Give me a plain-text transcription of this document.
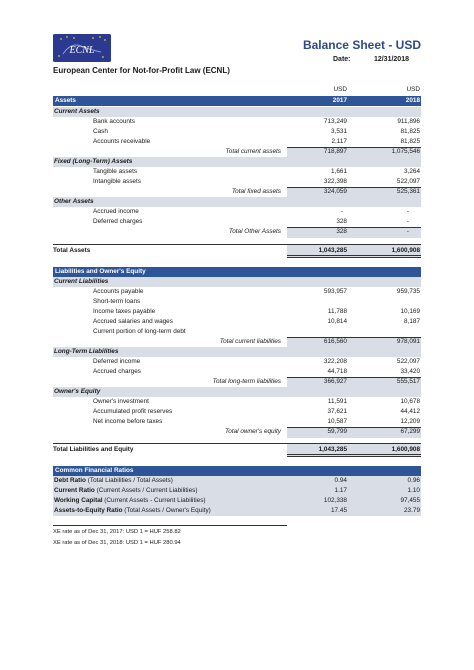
ECNL	Balance Sheet - USD
Date:	12/31/2018
European Center for Not-for-Profit Law (ECNL)
USD	USD
Assets	2017	2018
Current Assets
Bank accounts	713,249	911,896
Cash	3,531	81,825
Accounts receivable	2,117	81,825
Total current assets	718,897	1,075,546
Fixed (Long-Term) Assets
Tangible assets	1,661	3,264
Intangible assets	322,398	522,097
Total fixed assets	324,059	525,361
Other Assets
Accrued income	-	-
Deferred charges	328	-
Total Other Assets	328	-
Total Assets	1,043,285	1,600,908
Liabilities and Owner's Equity
Current Liabilities
Accounts payable	593,957	959,735
Short-term loans
Income taxes payable	11,788	10,169
Accrued salaries and wages	10,814	8,187
Current portion of long-term debt
Total current liabilities	616,560	978,091
Long-Term Liabilities
Deferred income	322,208	522,097
Accrued charges	44,718	33,420
Total long-term liabilities	366,927	555,517
Owner's Equity
Owner's investment	11,591	10,678
Accumulated profit reserves	37,621	44,412
Net income before taxes	10,587	12,209
Total owner's equity	59,799	67,299
Total Liabilities and Equity	1,043,285	1,600,908
Common Financial Ratios
Debt Ratio (Total Liabilities / Total Assets)	0.94	0.96
Current Ratio (Current Assets / Current Liabilities)	1.17	1.10
Working Capital (Current Assets - Current Liabilities)	102,338	97,455
Assets-to-Equity Ratio (Total Assets / Owner's Equity)	17.45	23.79
XE rate as of Dec 31, 2017: USD 1 = HUF 258.82
XE rate as of Dec 31, 2018: USD 1 = HUF 280.94
